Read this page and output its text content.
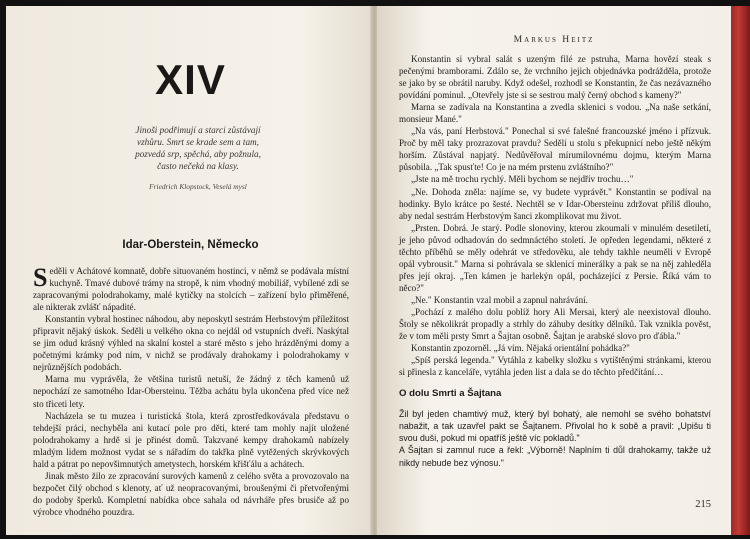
XIV
Jinoši podřimují a starci zůstávají
vzhůru. Smrt se krade sem a tam,
pozvedá srp, spěchá, aby požnula,
často nečeká na klasy.
Friedrich Klopstock, Veselá mysl
Idar-Oberstein, Německo

Seděli v Achátové komnatě, dobře situovaném hostinci, v němž se podávala místní kuchyně. Tmavé dubové trámy na stropě, k nim vhodný mobiliář, vybílené zdi se zapracovanými polodrahokamy, malé kytičky na stolcích – zařízení bylo přiměřené, ale nikterak zvlášť nápadité.

Konstantin vybral hostinec náhodou, aby neposkytl sestrám Herbstovým příležitost připravit nějaký úskok. Seděli u velkého okna co nejdál od vstupních dveří. Naskýtal se jim odud krásný výhled na skalní kostel a staré město s jeho hrázděnými domy a početnými krámky pod ním, v nichž se prodávaly drahokamy i polodrahokamy v nejrůznějších podobách.

Marna mu vyprávěla, že většina turistů netuší, že žádný z těch kamenů už nepochází ze samotného Idar-Obersteinu. Těžba achátu byla ukončena před více než sto třiceti lety.

Nacházela se tu muzea i turistická štola, která zprostředkovávala představu o tehdejší práci, nechyběla ani kutací pole pro děti, které tam mohly najít uložené polodrahokamy a hrdě si je přinést domů. Takzvané kempy drahokamů nabízely mladým lidem možnost vydat se s nářadím do takřka plně vytěžených skrývkových hald a pátrat po nepovšimnutých ametystech, horském křišťálu a achátech.

Jinak město žilo ze zpracování surových kamenů z celého světa a provozovalo na bezpočet čilý obchod s klenoty, ať už neopracovanými, broušenými či přetvořenými do podoby šperků. Kompletní nabídka obce sahala od návrháře přes brusiče až po výrobce vhodného pouzdra.

Markus Heitz

Konstantin si vybral salát s uzeným filé ze pstruha, Marna hovězí steak s pečenými bramborami. Zdálo se, že vrchního jejich objednávka podrážděla, protože se jako by se obrátil naruby. Když odešel, rozhodl se Konstantin, že čas nezávazného povídání pominul. „Otevřely jste si se sestrou malý černý obchod s kameny?"

Marna se zadívala na Konstantina a zvedla sklenici s vodou. „Na naše setkání, monsieur Mané."

„Na vás, paní Herbstová." Ponechal si své falešné francouzské jméno i přízvuk. Proč by měl taky prozrazovat pravdu? Sedělí u stolu s překupnicí nebo ještě někým horším. Zůstával napjatý. Nedůvěřoval mírumilovnému dojmu, kterým Marna působila. „Tak spusťte! Co je na mém prstenu zvláštního?"

„Jste na mě trochu rychlý. Měli bychom se nejdřív trochu…"

„Ne. Dohoda zněla: najíme se, vy budete vyprávět." Konstantin se podíval na hodinky. Bylo krátce po šesté. Nechtěl se v Idar-Obersteinu zdržovat příliš dlouho, aby nedal sestrám Herbstovým šanci zkomplikovat mu život.

„Prsten. Dobrá. Je starý. Podle slonoviny, kterou zkoumali v minulém desetiletí, je jeho původ odhadován do sedmnáctého století. Je opředen legendami, některé z těchto příběhů se měly odehrát ve středověku, ale tehdy takhle neuměli v Evropě opál vybrousit." Marna si pohrávala se sklenicí minerálky a pak se na něj zahleděla přes její okraj. „Ten kámen je harlekýn opál, pocházející z Persie. Říká vám to něco?"

„Ne." Konstantin vzal mobil a zapnul nahrávání.

„Pochází z malého dolu poblíž hory Ali Mersai, který ale neexistoval dlouho. Štoly se několikrát propadly a strhly do záhuby desítky dělníků. Tak vznikla pověst, že v tom měli prsty Smrt a Šajtan osobně. Šajtan je arabské slovo pro ďábla."

Konstantin zpozorněl. „Já vím. Nějaká orientální pohádka?"

„Spíš perská legenda." Vytáhla z kabelky složku s vytištěnými stránkami, kterou si přinesla z kanceláře, vytáhla jeden list a dala se do těchto předčítání…

O dolu Smrti a Šajtana

Žil byl jeden chamtivý muž, který byl bohatý, ale nemohl se svého bohatství nabažit, a tak uzavřel pakt se Šajtanem. Přivolal ho k sobě a pravil: „Upišu ti svou duši, pokud mi opatříš ještě víc pokladů."

A Šajtan si zamnul ruce a řekl: „Výborně! Naplním ti důl drahokamy, takže už nikdy nebude bez výnosu."

215
